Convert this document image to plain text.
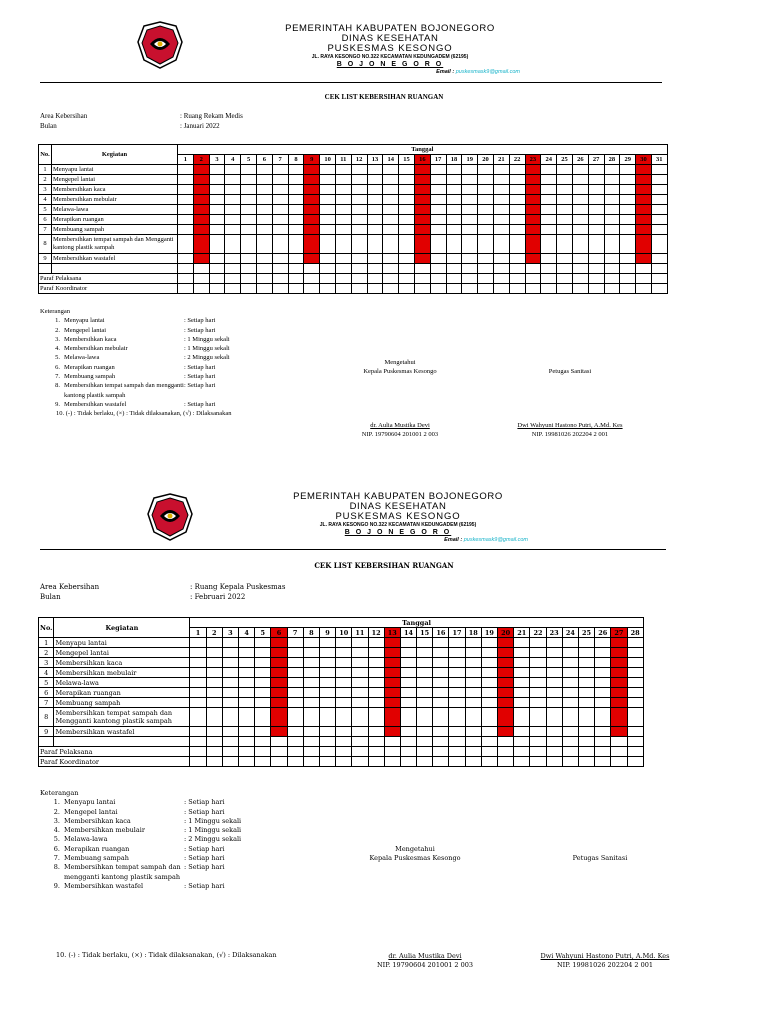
PEMERINTAH KABUPATEN BOJONEGORO
DINAS KESEHATAN
PUSKESMAS KESONGO
JL. RAYA KESONGO NO.322 KECAMATAN KEDUNGADEM (62195)
B O J O N E G O R O
Email : puskesmask9@gmail.com
CEK LIST KEBERSIHAN RUANGAN
Area Kebersihan	: Ruang Rekam Medis
Bulan	: Januari 2022
No.	Kegiatan	Tanggal																														
		1	2	3	4	5	6	7	8	9	10	11	12	13	14	15	16	17	18	19	20	21	22	23	24	25	26	27	28	29	30	31
1	Menyapu lantai																															
2	Mengepel lantai																															
3	Membersihkan kaca																															
4	Membersihkan mebulair																															
5	Melawa-lawa																															
6	Merapikan ruangan																															
7	Membuang sampah																															
8	Membersihkan tempat sampah dan Mengganti kantong plastik sampah																															
9	Membersihkan wastafel																															

Paraf Pelaksana																																
Paraf Koordinator																																
Keterangan
1. Menyapu lantai	: Setiap hari
2. Mengepel lantai	: Setiap hari
3. Membersihkan kaca	: 1 Minggu sekali
4. Membersihkan mebulair	: 1 Minggu sekali
5. Melawa-lawa	: 2 Minggu sekali
6. Merapikan ruangan	: Setiap hari
7. Membuang sampah	: Setiap hari
8. Membersihkan tempat sampah dan mengganti kantong plastik sampah
: Setiap hari
9. Membersihkan wastafel	: Setiap hari
10. (-) : Tidak berlaku, (×) : Tidak dilaksanakan, (√) : Dilaksanakan
Mengetahui
Kepala Puskesmas Kesongo	Petugas Sanitasi
dr. Aulia Mustika Devi
NIP. 19790604 201001 2 003
Dwi Wahyuni Hastono Putri, A.Md. Kes
NIP. 19981026 202204 2 001
PEMERINTAH KABUPATEN BOJONEGORO
DINAS KESEHATAN
PUSKESMAS KESONGO
JL. RAYA KESONGO NO.322 KECAMATAN KEDUNGADEM (62195)
B O J O N E G O R O
Email : puskesmask9@gmail.com
CEK LIST KEBERSIHAN RUANGAN
Area Kebersihan	: Ruang Kepala Puskesmas
Bulan	: Februari 2022
No.	Kegiatan	Tanggal																											
		1	2	3	4	5	6	7	8	9	10	11	12	13	14	15	16	17	18	19	20	21	22	23	24	25	26	27	28
1	Menyapu lantai																												
2	Mengepel lantai																												
3	Membersihkan kaca																												
4	Membersihkan mebulair																												
5	Melawa-lawa																												
6	Merapikan ruangan																												
7	Membuang sampah																												
8	Membersihkan tempat sampah dan Mengganti kantong plastik sampah																												
9	Membersihkan wastafel																												

Paraf Pelaksana																													
Paraf Koordinator																													
Keterangan
1. Menyapu lantai	: Setiap hari
2. Mengepel lantai	: Setiap hari
3. Membersihkan kaca	: 1 Minggu sekali
4. Membersihkan mebulair	: 1 Minggu sekali
5. Melawa-lawa	: 2 Minggu sekali
6. Merapikan ruangan	: Setiap hari
7. Membuang sampah	: Setiap hari
8. Membersihkan tempat sampah dan mengganti kantong plastik sampah
: Setiap hari
9. Membersihkan wastafel	: Setiap hari
10. (-) : Tidak berlaku, (×) : Tidak dilaksanakan, (√) : Dilaksanakan
Mengetahui
Kepala Puskesmas Kesongo	Petugas Sanitasi
dr. Aulia Mustika Devi
NIP. 19790604 201001 2 003
Dwi Wahyuni Hastono Putri, A.Md. Kes
NIP. 19981026 202204 2 001
